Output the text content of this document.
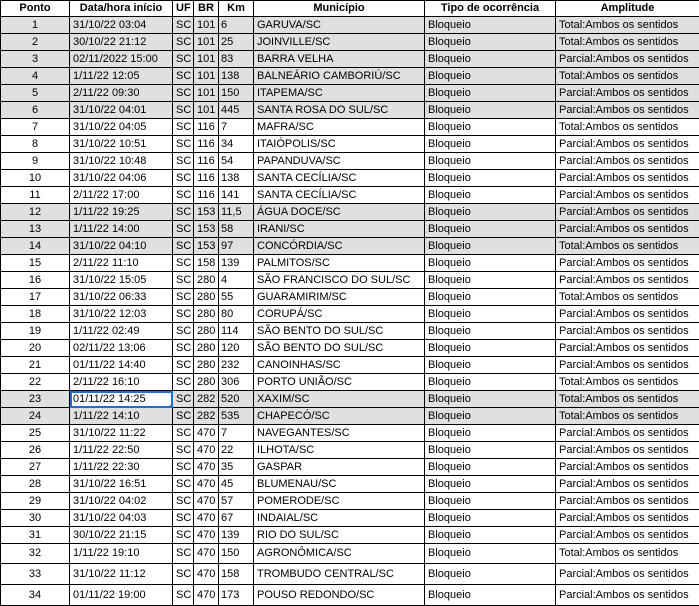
Ponto	Data/hora início	UF	BR	Km	Município	Tipo de ocorrência	Amplitude
1	31/10/22 03:04	SC	101	6	GARUVA/SC	Bloqueio	Total:Ambos os sentidos
2	30/10/22 21:12	SC	101	25	JOINVILLE/SC	Bloqueio	Total:Ambos os sentidos
3	02/11/2022 15:00	SC	101	83	BARRA VELHA	Bloqueio	Parcial:Ambos os sentidos
4	1/11/22 12:05	SC	101	138	BALNEÁRIO CAMBORIÚ/SC	Bloqueio	Total:Ambos os sentidos
5	2/11/22 09:30	SC	101	150	ITAPEMA/SC	Bloqueio	Parcial:Ambos os sentidos
6	31/10/22 04:01	SC	101	445	SANTA ROSA DO SUL/SC	Bloqueio	Parcial:Ambos os sentidos
7	31/10/22 04:05	SC	116	7	MAFRA/SC	Bloqueio	Total:Ambos os sentidos
8	31/10/22 10:51	SC	116	34	ITAIÓPOLIS/SC	Bloqueio	Parcial:Ambos os sentidos
9	31/10/22 10:48	SC	116	54	PAPANDUVA/SC	Bloqueio	Parcial:Ambos os sentidos
10	31/10/22 04:06	SC	116	138	SANTA CECÍLIA/SC	Bloqueio	Parcial:Ambos os sentidos
11	2/11/22 17:00	SC	116	141	SANTA CECÍLIA/SC	Bloqueio	Parcial:Ambos os sentidos
12	1/11/22 19:25	SC	153	11,5	ÁGUA DOCE/SC	Bloqueio	Parcial:Ambos os sentidos
13	1/11/22 14:00	SC	153	58	IRANI/SC	Bloqueio	Parcial:Ambos os sentidos
14	31/10/22 04:10	SC	153	97	CONCÓRDIA/SC	Bloqueio	Total:Ambos os sentidos
15	2/11/22 11:10	SC	158	139	PALMITOS/SC	Bloqueio	Parcial:Ambos os sentidos
16	31/10/22 15:05	SC	280	4	SÃO FRANCISCO DO SUL/SC	Bloqueio	Parcial:Ambos os sentidos
17	31/10/22 06:33	SC	280	55	GUARAMIRIM/SC	Bloqueio	Total:Ambos os sentidos
18	31/10/22 12:03	SC	280	80	CORUPÁ/SC	Bloqueio	Parcial:Ambos os sentidos
19	1/11/22 02:49	SC	280	114	SÃO BENTO DO SUL/SC	Bloqueio	Parcial:Ambos os sentidos
20	02/11/22 13:06	SC	280	120	SÃO BENTO DO SUL/SC	Bloqueio	Parcial:Ambos os sentidos
21	01/11/22 14:40	SC	280	232	CANOINHAS/SC	Bloqueio	Parcial:Ambos os sentidos
22	2/11/22 16:10	SC	280	306	PORTO UNIÃO/SC	Bloqueio	Total:Ambos os sentidos
23	01/11/22 14:25	SC	282	520	XAXIM/SC	Bloqueio	Total:Ambos os sentidos
24	1/11/22 14:10	SC	282	535	CHAPECÓ/SC	Bloqueio	Total:Ambos os sentidos
25	31/10/22 11:22	SC	470	7	NAVEGANTES/SC	Bloqueio	Parcial:Ambos os sentidos
26	1/11/22 22:50	SC	470	22	ILHOTA/SC	Bloqueio	Parcial:Ambos os sentidos
27	1/11/22 22:30	SC	470	35	GASPAR	Bloqueio	Parcial:Ambos os sentidos
28	31/10/22 16:51	SC	470	45	BLUMENAU/SC	Bloqueio	Parcial:Ambos os sentidos
29	31/10/22 04:02	SC	470	57	POMERODE/SC	Bloqueio	Parcial:Ambos os sentidos
30	31/10/22 04:03	SC	470	67	INDAIAL/SC	Bloqueio	Parcial:Ambos os sentidos
31	30/10/22 21:15	SC	470	139	RIO DO SUL/SC	Bloqueio	Parcial:Ambos os sentidos
32	1/11/22 19:10	SC	470	150	AGRONÔMICA/SC	Bloqueio	Total:Ambos os sentidos
33	31/10/22 11:12	SC	470	158	TROMBUDO CENTRAL/SC	Bloqueio	Parcial:Ambos os sentidos
34	01/11/22 19:00	SC	470	173	POUSO REDONDO/SC	Bloqueio	Parcial:Ambos os sentidos
